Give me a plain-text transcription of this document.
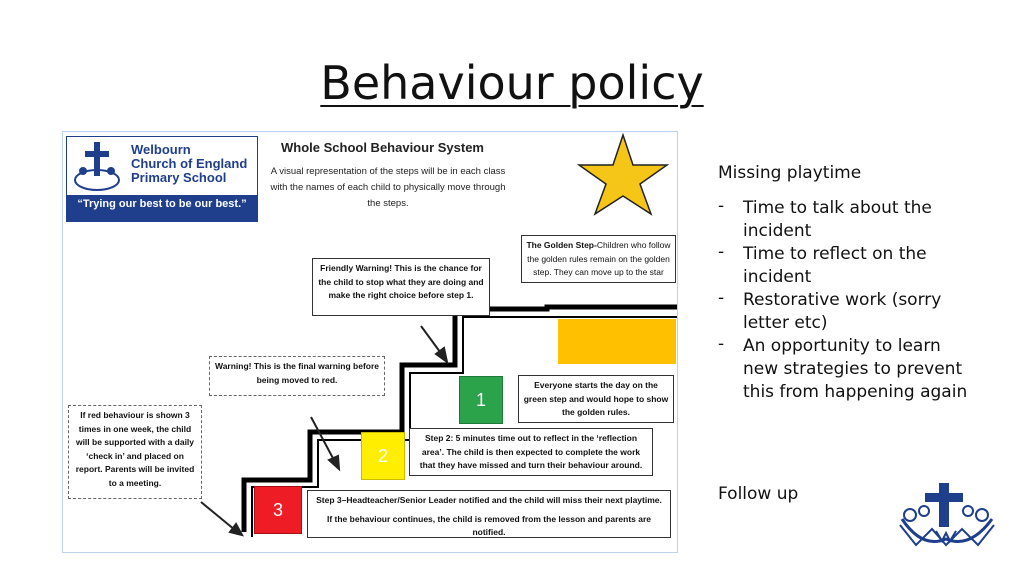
Behaviour policy
Welbourn
Church of England
Primary School
“Trying our best to be our best.”
Whole School Behaviour System
A visual representation of the steps will be in each class with the names of each child to physically move through the steps.
The Golden Step-Children who follow the golden rules remain on the golden step. They can move up to the star
Friendly Warning! This is the chance for the child to stop what they are doing and make the right choice before step 1.
Warning! This is the final warning before being moved to red.
If red behaviour is shown 3 times in one week, the child will be supported with a daily ‘check in’ and placed on report. Parents will be invited to a meeting.
Everyone starts the day on the green step and would hope to show the golden rules.
Step 2: 5 minutes time out to reflect in the ‘reflection area’. The child is then expected to complete the work that they have missed and turn their behaviour around.
Step 3–Headteacher/Senior Leader notified and the child will miss their next playtime.
If the behaviour continues, the child is removed from the lesson and parents are notified.
1
2
3
Missing playtime
- Time to talk about the incident
- Time to reflect on the incident
- Restorative work (sorry letter etc)
- An opportunity to learn new strategies to prevent this from happening again
Follow up
